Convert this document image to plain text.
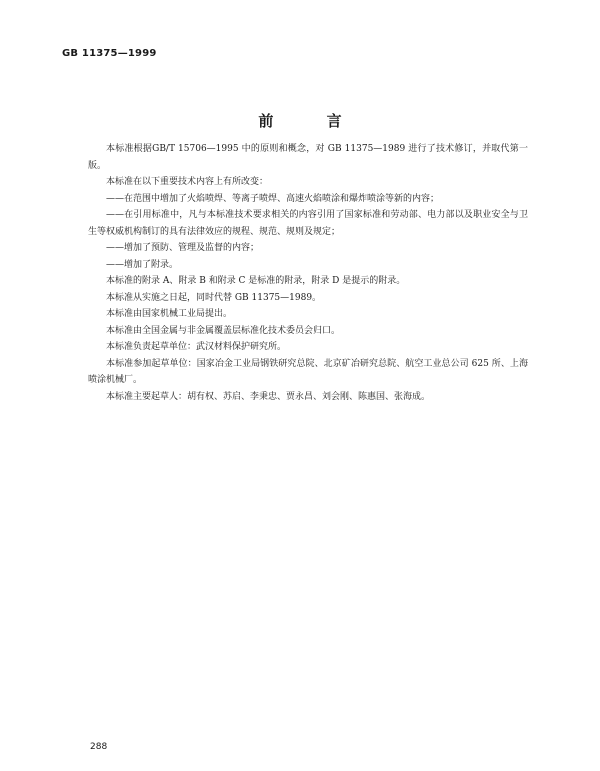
GB 11375—1999
前 言

本标准根据GB/T 15706—1995 中的原则和概念，对 GB 11375—1989 进行了技术修订，并取代第一版。

本标准在以下重要技术内容上有所改变：

——在范围中增加了火焰喷焊、等离子喷焊、高速火焰喷涂和爆炸喷涂等新的内容；

——在引用标准中，凡与本标准技术要求相关的内容引用了国家标准和劳动部、电力部以及职业安全与卫生等权威机构制订的具有法律效应的规程、规范、规则及规定；

——增加了预防、管理及监督的内容；

——增加了附录。

本标准的附录 A、附录 B 和附录 C 是标准的附录，附录 D 是提示的附录。

本标准从实施之日起，同时代替 GB 11375—1989。

本标准由国家机械工业局提出。

本标准由全国金属与非金属覆盖层标准化技术委员会归口。

本标准负责起草单位：武汉材料保护研究所。

本标准参加起草单位：国家冶金工业局钢铁研究总院、北京矿冶研究总院、航空工业总公司 625 所、上海喷涂机械厂。

本标准主要起草人：胡有权、苏启、李秉忠、贾永昌、刘会刚、陈惠国、张海成。

288
